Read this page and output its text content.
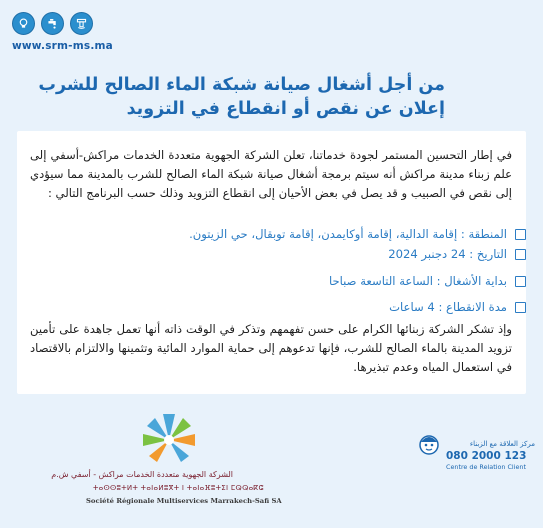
www.srm-ms.ma
من أجل أشغال صيانة شبكة الماء الصالح للشرب
إعلان عن نقص أو انقطاع في التزويد
في إطار التحسين المستمر لجودة خدماتنا، تعلن الشركة الجهوية متعددة الخدمات مراكش-أسفي إلى علم زبناء مدينة مراكش أنه سيتم برمجة أشغال صيانة شبكة الماء الصالح للشرب بالمدينة مما سيؤدي إلى نقص في الصبيب و قد يصل في بعض الأحيان إلى انقطاع التزويد وذلك حسب البرنامج التالي :
المنطقة : إقامة الدالية، إقامة أوكايمدن، إقامة توبقال، حي الزيتون.
التاريخ : 24 دجنبر 2024
بداية الأشغال : الساعة التاسعة صباحا
مدة الانقطاع : 4 ساعات
وإذ تشكر الشركة زبنائها الكرام على حسن تفهمهم وتذكر في الوقت ذاته أنها تعمل جاهدة على تأمين تزويد المدينة بالماء الصالح للشرب، فإنها تدعوهم إلى حماية الموارد المائية وتثمينها والالتزام بالاقتصاد في استعمال المياه وعدم تبذيرها.
الشركة الجهوية متعددة الخدمات مراكش - أسفي ش.م
ⵜⴰⵙⵙⵓⵜⵍⵜ ⵜⴰⵏⴰⵍⵓⴳⵜ ⵏ ⵜⴰⵏⴰⴼⵓⵜⵉⵏ ⵎⵕⵕⴰⴽⵛ
Société Régionale Multiservices Marrakech-Safi SA
مركز العلاقة مع الزبناء
080 2000 123
Centre de Relation Client
